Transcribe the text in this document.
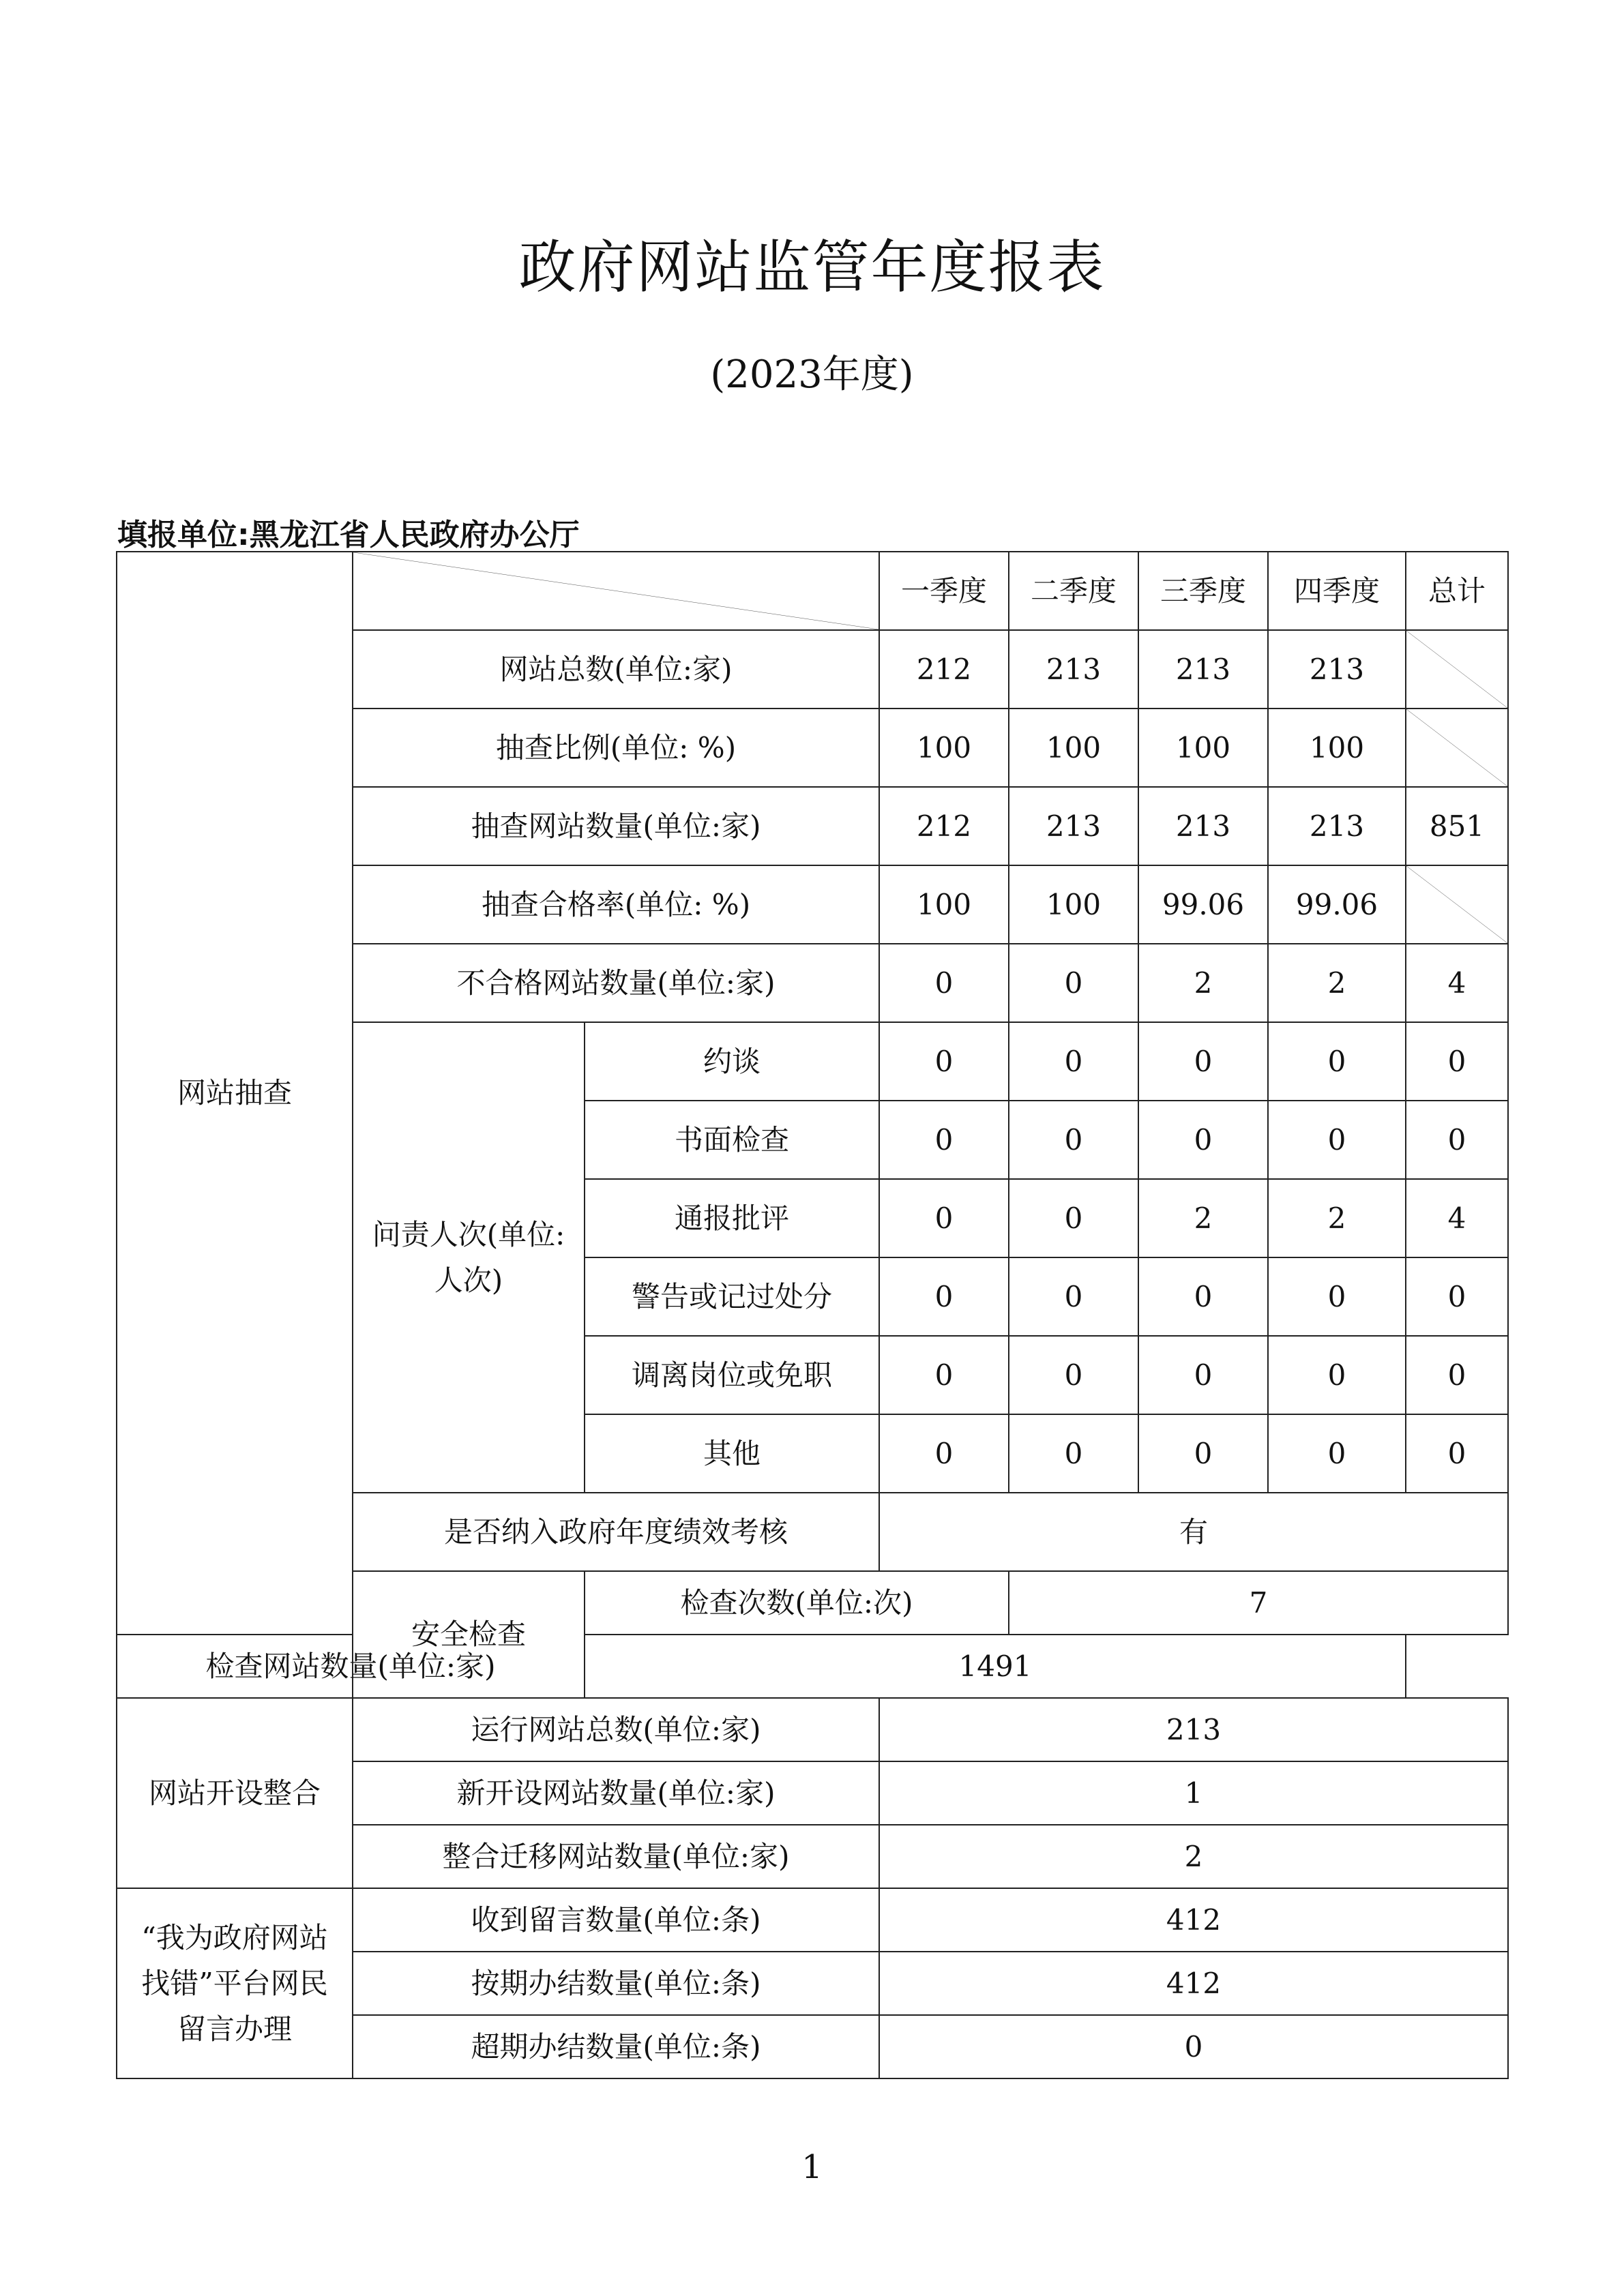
政府网站监管年度报表
(2023年度)
填报单位:黑龙江省人民政府办公厅
网站抽查			一季度	二季度	三季度	四季度	总计
	网站总数(单位:家)		212	213	213	213	

	抽查比例(单位: %)		100	100	100	100	

	抽查网站数量(单位:家)		212	213	213	213	851
	抽查合格率(单位: %)		100	100	99.06	99.06	

	不合格网站数量(单位:家)		0	0	2	2	4
	问责人次(单位:人次)	约谈	0	0	0	0	0
		书面检查	0	0	0	0	0
		通报批评	0	0	2	2	4
		警告或记过处分	0	0	0	0	0
		调离岗位或免职	0	0	0	0	0
		其他	0	0	0	0	0
	是否纳入政府年度绩效考核		有				
	安全检查	检查次数(单位:次)		7			
检查网站数量(单位:家)		1491					
网站开设整合	运行网站总数(单位:家)		213				
	新开设网站数量(单位:家)		1				
	整合迁移网站数量(单位:家)		2				
“我为政府网站找错”平台网民留言办理	收到留言数量(单位:条)		412				
	按期办结数量(单位:条)		412				
	超期办结数量(单位:条)		0				
1
